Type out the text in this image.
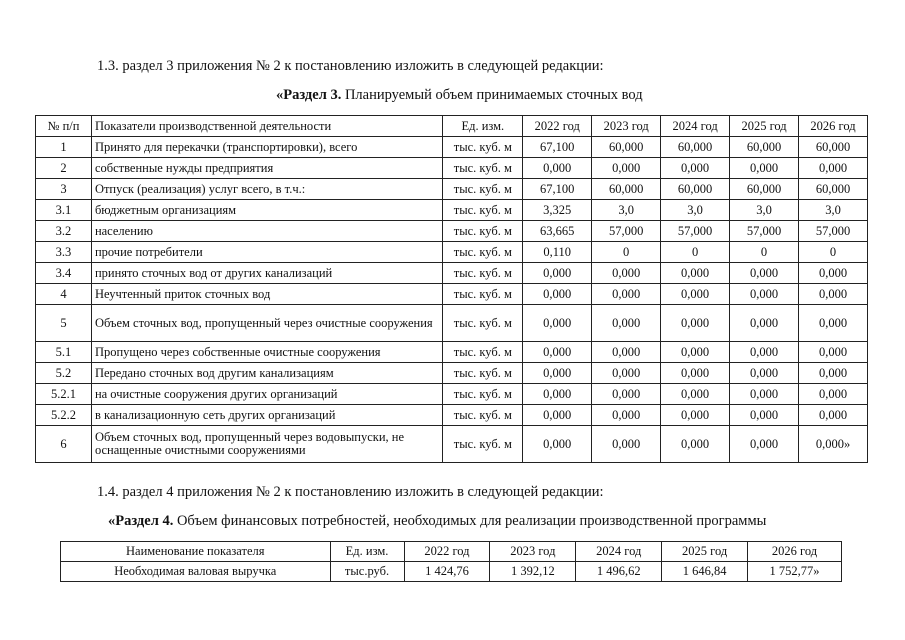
1.3. раздел 3 приложения № 2 к постановлению изложить в следующей редакции:
«Раздел 3. Планируемый объем принимаемых сточных вод
№ п/п	Показатели производственной деятельности	Ед. изм.	2022 год	2023 год	2024 год	2025 год	2026 год
1	Принято для перекачки (транспортировки), всего	тыс. куб. м	67,100	60,000	60,000	60,000	60,000
2	собственные нужды предприятия	тыс. куб. м	0,000	0,000	0,000	0,000	0,000
3	Отпуск (реализация) услуг всего, в т.ч.:	тыс. куб. м	67,100	60,000	60,000	60,000	60,000
3.1	бюджетным организациям	тыс. куб. м	3,325	3,0	3,0	3,0	3,0
3.2	населению	тыс. куб. м	63,665	57,000	57,000	57,000	57,000
3.3	прочие потребители	тыс. куб. м	0,110	0	0	0	0
3.4	принято сточных вод от других канализаций	тыс. куб. м	0,000	0,000	0,000	0,000	0,000
4	Неучтенный приток сточных вод	тыс. куб. м	0,000	0,000	0,000	0,000	0,000
5	Объем сточных вод, пропущенный через очистные сооружения	тыс. куб. м	0,000	0,000	0,000	0,000	0,000
5.1	Пропущено через собственные очистные сооружения	тыс. куб. м	0,000	0,000	0,000	0,000	0,000
5.2	Передано сточных вод другим канализациям	тыс. куб. м	0,000	0,000	0,000	0,000	0,000
5.2.1	на очистные сооружения других организаций	тыс. куб. м	0,000	0,000	0,000	0,000	0,000
5.2.2	в канализационную сеть других организаций	тыс. куб. м	0,000	0,000	0,000	0,000	0,000
6	Объем сточных вод, пропущенный через водовыпуски, не оснащенные очистными сооружениями	тыс. куб. м	0,000	0,000	0,000	0,000	0,000»
1.4. раздел 4 приложения № 2 к постановлению изложить в следующей редакции:
«Раздел 4. Объем финансовых потребностей, необходимых для реализации производственной программы
Наименование показателя	Ед. изм.	2022 год	2023 год	2024 год	2025 год	2026 год
Необходимая валовая выручка	тыс.руб.	1 424,76	1 392,12	1 496,62	1 646,84	1 752,77»
